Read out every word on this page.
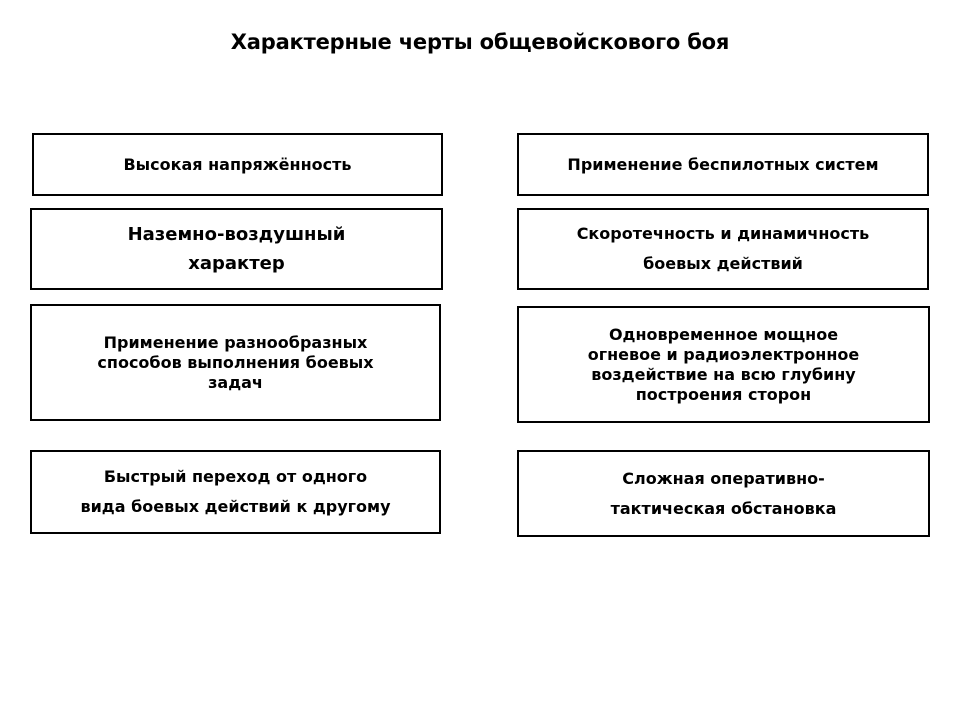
Характерные черты общевойскового боя
Высокая напряжённость	Применение беспилотных систем
Наземно-воздушный
характер
Скоротечность и динамичность
боевых действий
Применение разнообразных
способов выполнения боевых
задач
Одновременное мощное
огневое и радиоэлектронное
воздействие на всю глубину
построения сторон
Быстрый переход от одного
вида боевых действий к другому
Сложная оперативно-
тактическая обстановка
